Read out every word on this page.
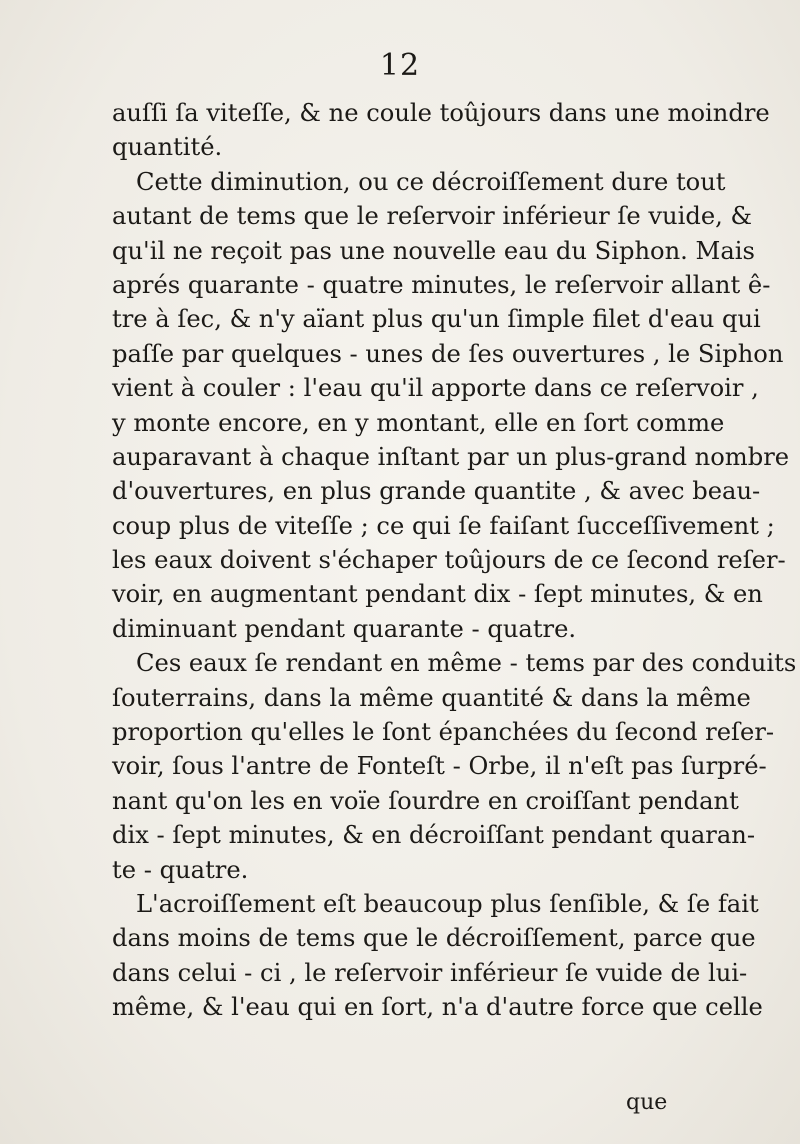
12
auſſi ſa viteſſe, & ne coule toûjours dans une moindre
quantité.
Cette diminution, ou ce décroiſſement dure tout
autant de tems que le reſervoir inférieur ſe vuide, &
qu'il ne reçoit pas une nouvelle eau du Siphon. Mais
aprés quarante - quatre minutes, le reſervoir allant ê-
tre à ſec, & n'y aïant plus qu'un ſimple filet d'eau qui
paſſe par quelques - unes de ſes ouvertures , le Siphon
vient à couler : l'eau qu'il apporte dans ce reſervoir ,
y monte encore, en y montant, elle en ſort comme
auparavant à chaque inſtant par un plus-grand nombre
d'ouvertures, en plus grande quantite , & avec beau-
coup plus de viteſſe ; ce qui ſe faiſant ſucceſſivement ;
les eaux doivent s'échaper toûjours de ce ſecond reſer-
voir, en augmentant pendant dix - ſept minutes, & en
diminuant pendant quarante - quatre.
Ces eaux ſe rendant en même - tems par des conduits
ſouterrains, dans la même quantité & dans la même
proportion qu'elles le ſont épanchées du ſecond reſer-
voir, ſous l'antre de Fonteſt - Orbe, il n'eſt pas ſurpré-
nant qu'on les en voïe ſourdre en croiſſant pendant
dix - ſept minutes, & en décroiſſant pendant quaran-
te - quatre.
L'acroiſſement eſt beaucoup plus ſenſible, & ſe fait
dans moins de tems que le décroiſſement, parce que
dans celui - ci , le reſervoir inférieur ſe vuide de lui-
même, & l'eau qui en ſort, n'a d'autre force que celle
que
